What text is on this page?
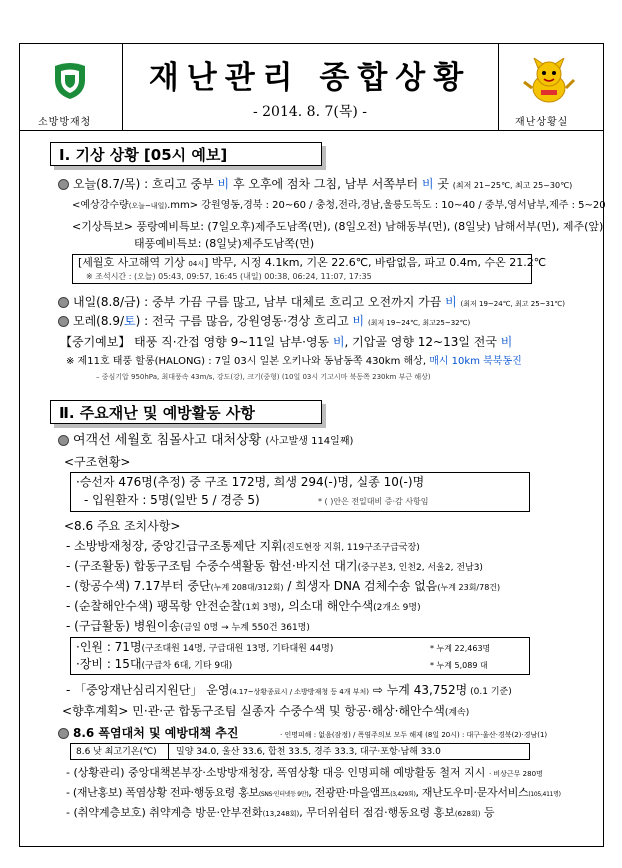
소방방재청
재난관리 종합상황
- 2014. 8. 7(목) -
재난상황실
Ⅰ. 기상 상황 [05시 예보]
오늘(8.7/목) : 흐리고 중부 비 후 오후에 점차 그침, 남부 서쪽부터 비 곳 (최저 21~25℃, 최고 25~30℃)
<예상강수량(오늘~내일).mm> 강원영동,경북 : 20~60 / 충청,전라,경남,울릉도독도 : 10~40 / 중부,영서남부,제주 : 5~20
<기상특보> 풍랑예비특보: (7일오후)제주도남쪽(먼), (8일오전) 남해동부(먼), (8일낮) 남해서부(먼), 제주(앞)
태풍예비특보: (8일낮)제주도남쪽(먼)
[세월호 사고해역 기상 04시] 박무, 시정 4.1km, 기온 22.6℃, 바람없음, 파고 0.4m, 수온 21.2℃
※ 조석시간 : (오늘) 05:43, 09:57, 16:45 (내일) 00:38, 06:24, 11:07, 17:35
내일(8.8/금) : 중부 가끔 구름 많고, 남부 대체로 흐리고 오전까지 가끔 비 (최저 19~24℃, 최고 25~31℃)
모레(8.9/토) : 전국 구름 많음, 강원영동·경상 흐리고 비 (최저 19~24℃, 최고25~32℃)
【중기예보】 태풍 직·간접 영향 9~11일 남부·영동 비, 기압골 영향 12~13일 전국 비
※ 제11호 태풍 할롱(HALONG) : 7일 03시 일본 오키나와 동남동쪽 430km 해상, 매시 10km 북북동진
– 중심기압 950hPa, 최대풍속 43m/s, 강도(강), 크기(중형) (10일 03시 기고시마 북동쪽 230km 부근 해상)
Ⅱ. 주요재난 및 예방활동 사항
여객선 세월호 침몰사고 대처상황 (사고발생 114일째)
<구조현황>
·승선자 476명(추정) 중 구조 172명, 희생 294(-)명, 실종 10(-)명
- 입원환자 : 5명(일반 5 / 경증 5)	* ( )안은 전일대비 증·감 사항임
<8.6 주요 조치사항>
- 소방방재청장, 중앙긴급구조통제단 지휘(진도현장 지휘, 119구조구급국장)
- (구조활동) 합동구조팀 수중수색활동 함선·바지선 대기(중구본3, 인천2, 서울2, 전남3)
- (항공수색) 7.17부터 중단(누계 208대/312회) / 희생자 DNA 검체수송 없음(누계 23회/78건)
- (순찰해안수색) 팽목항 안전순찰(1회 3명), 의소대 해안수색(2개소 9명)
- (구급활동) 병원이송(금일 0명 → 누계 550건 361명)
·인원 : 71명(구조대원 14명, 구급대원 13명, 기타대원 44명)	* 누계 22,463명
·장비 : 15대(구급차 6대, 기타 9대)	* 누계 5,089 대
- 「중앙재난심리지원단」 운영(4.17~상황종료시 / 소방방재청 등 4개 부처) ⇨ 누계 43,752명 (0.1 기준)
<향후계획> 민·관·군 합동구조팀 실종자 수중수색 및 항공·해상·해안수색(계속)
8.6 폭염대처 및 예방대책 추진	· 인명피해 : 없음(잠정) / 폭염주의보 모두 해제 (8일 20시) : 대구·울산·경북(2)·경남(1)
8.6 낮 최고기온(℃) 밀양 34.0, 울산 33.6, 합천 33.5, 경주 33.3, 대구·포항·남해 33.0
- (상황관리) 중앙대책본부장·소방방재청장, 폭염상황 대응 인명피해 예방활동 철저 지시 · 비상근무 280명
- (재난홍보) 폭염상황 전파·행동요령 홍보(SNS·인터넷등 9만), 전광판·마을앰프(3,429회), 재난도우미·문자서비스(105,411명)
- (취약계층보호) 취약계층 방문·안부전화(13,248회), 무더위쉼터 점검·행동요령 홍보(628회) 등
